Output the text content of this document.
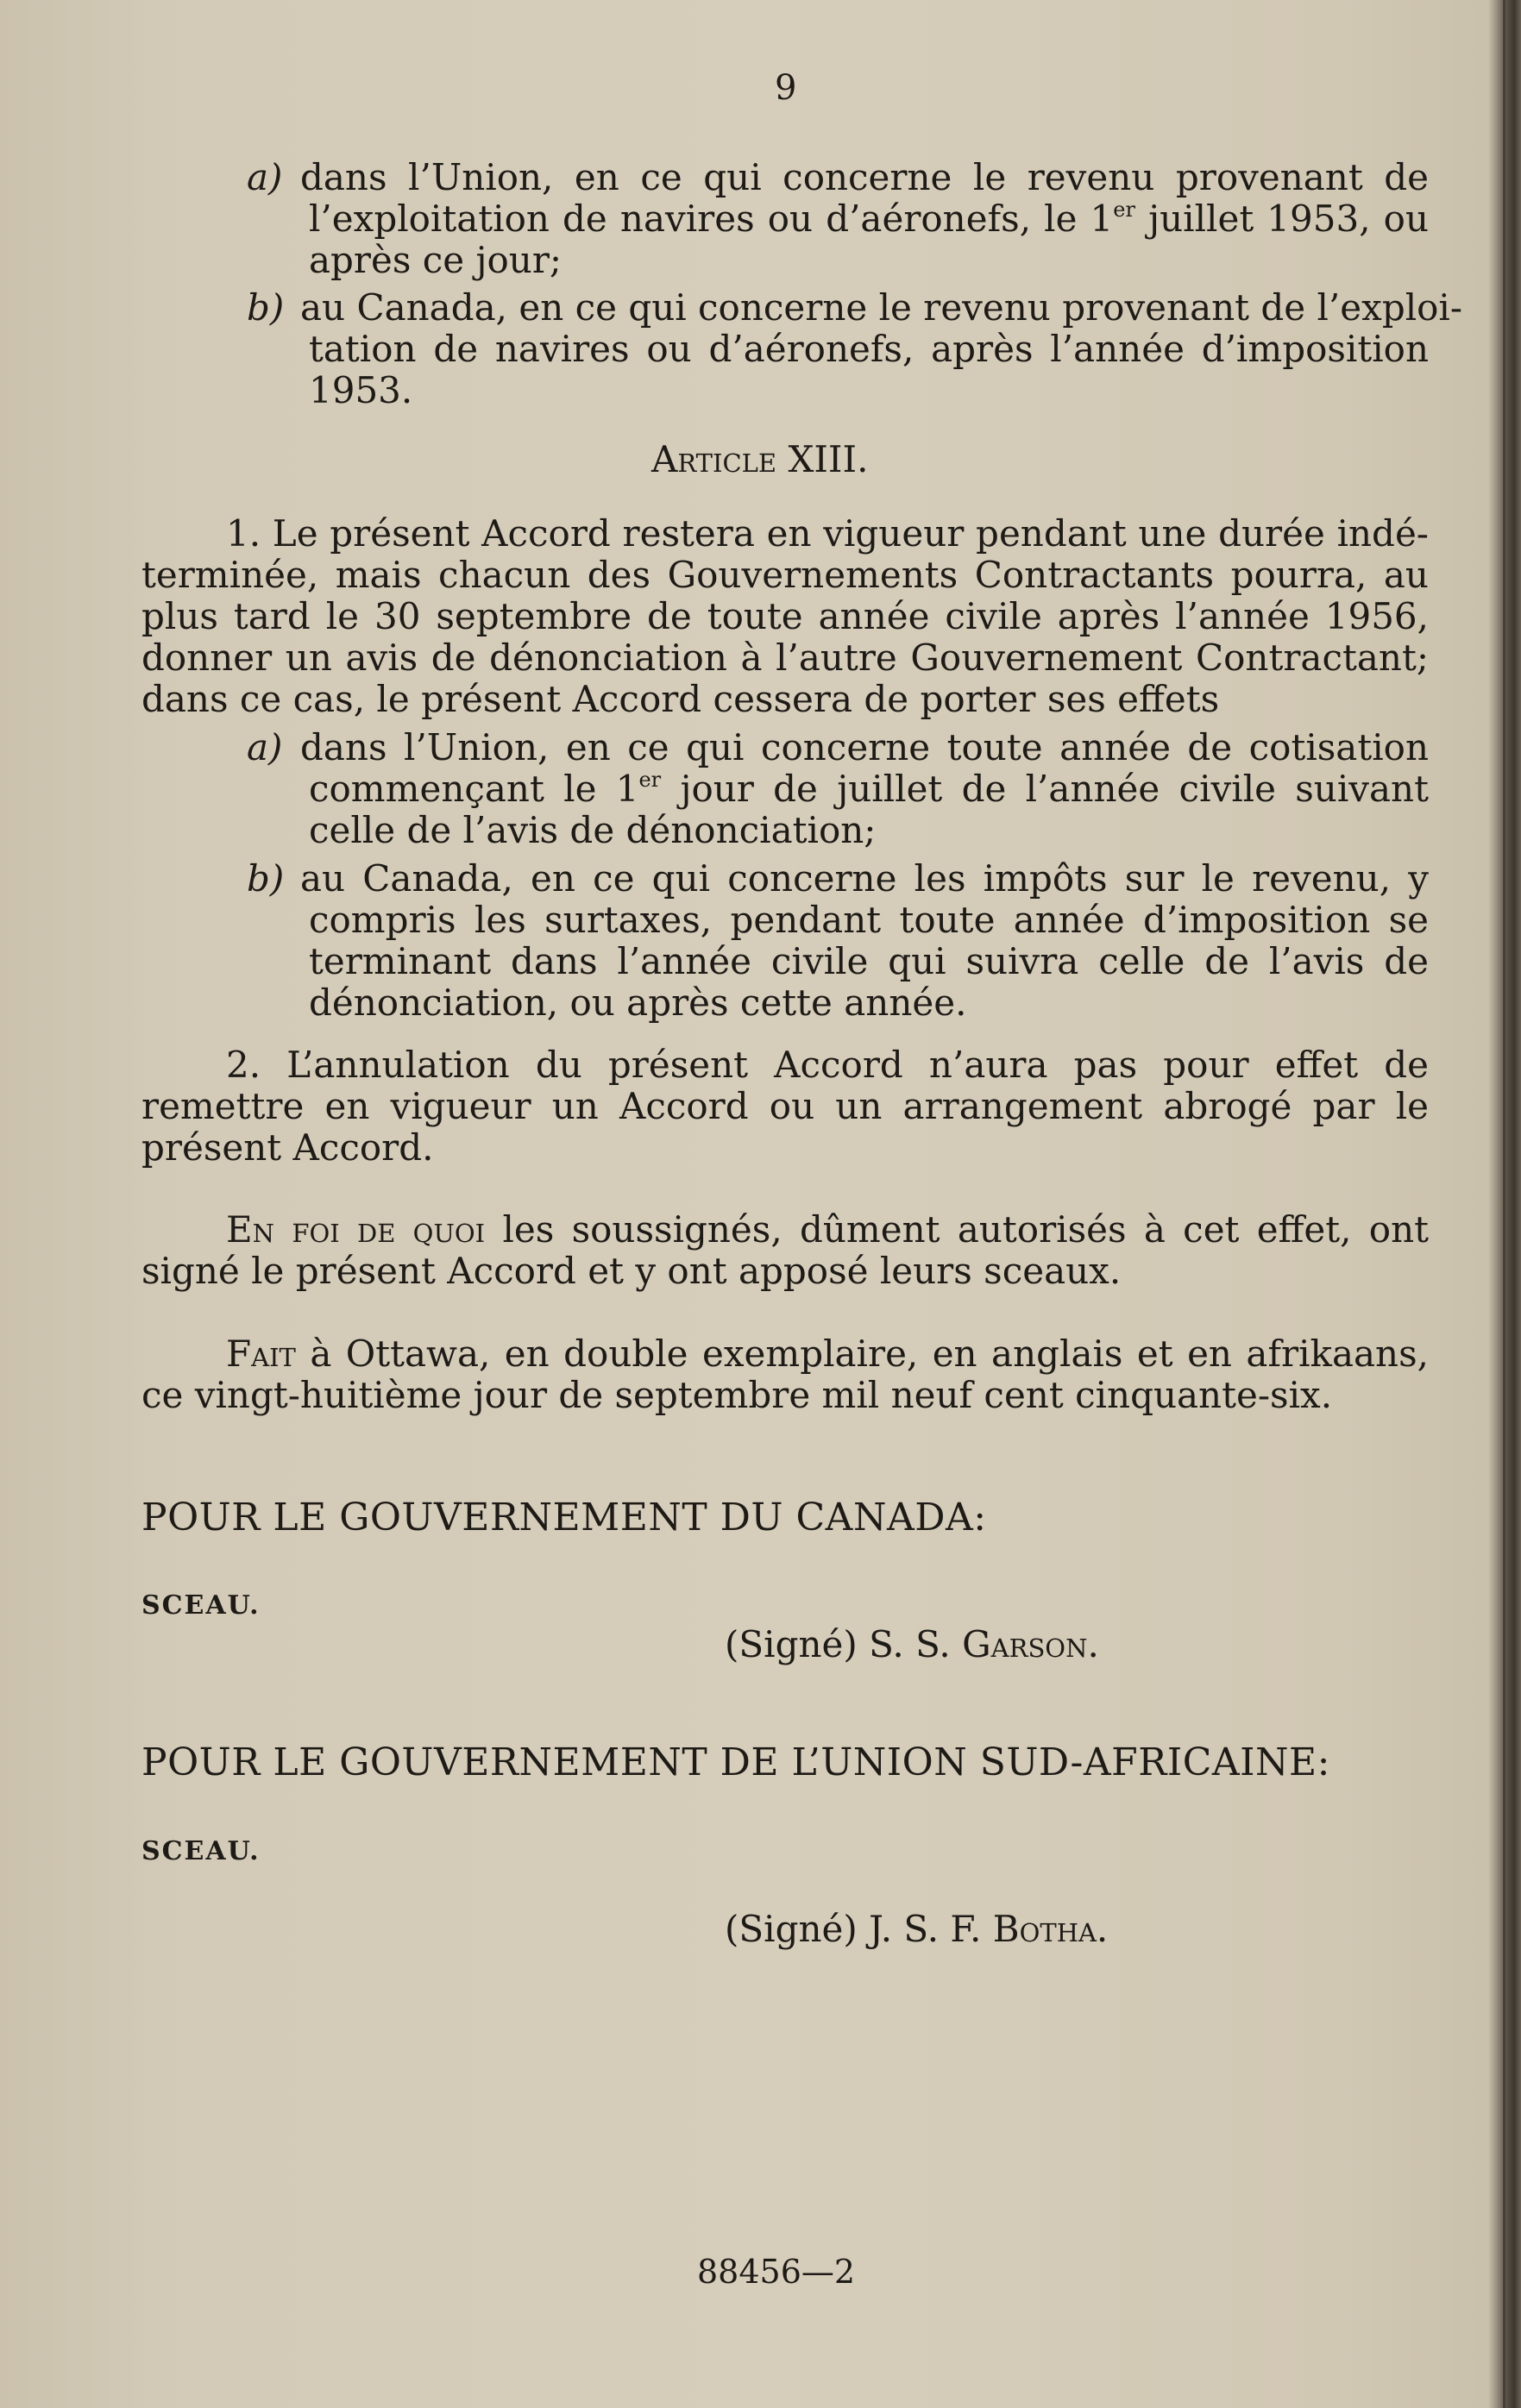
9
a) dans l’Union, en ce qui concerne le revenu provenant de
l’exploitation de navires ou d’aéronefs, le 1er juillet 1953, ou
après ce jour;
b) au Canada, en ce qui concerne le revenu provenant de l’exploi-
tation de navires ou d’aéronefs, après l’année d’imposition
1953.
Article XIII.
1. Le présent Accord restera en vigueur pendant une durée indé-
terminée, mais chacun des Gouvernements Contractants pourra, au
plus tard le 30 septembre de toute année civile après l’année 1956,
donner un avis de dénonciation à l’autre Gouvernement Contractant;
dans ce cas, le présent Accord cessera de porter ses effets
a) dans l’Union, en ce qui concerne toute année de cotisation
commençant le 1er jour de juillet de l’année civile suivant
celle de l’avis de dénonciation;
b) au Canada, en ce qui concerne les impôts sur le revenu, y
compris les surtaxes, pendant toute année d’imposition se
terminant dans l’année civile qui suivra celle de l’avis de
dénonciation, ou après cette année.
2. L’annulation du présent Accord n’aura pas pour effet de
remettre en vigueur un Accord ou un arrangement abrogé par le
présent Accord.
En foi de quoi les soussignés, dûment autorisés à cet effet, ont
signé le présent Accord et y ont apposé leurs sceaux.
Fait à Ottawa, en double exemplaire, en anglais et en afrikaans,
ce vingt-huitième jour de septembre mil neuf cent cinquante-six.
POUR LE GOUVERNEMENT DU CANADA:
SCEAU.
(Signé) S. S. Garson.
POUR LE GOUVERNEMENT DE L’UNION SUD-AFRICAINE:
SCEAU.
(Signé) J. S. F. Botha.
88456—2
